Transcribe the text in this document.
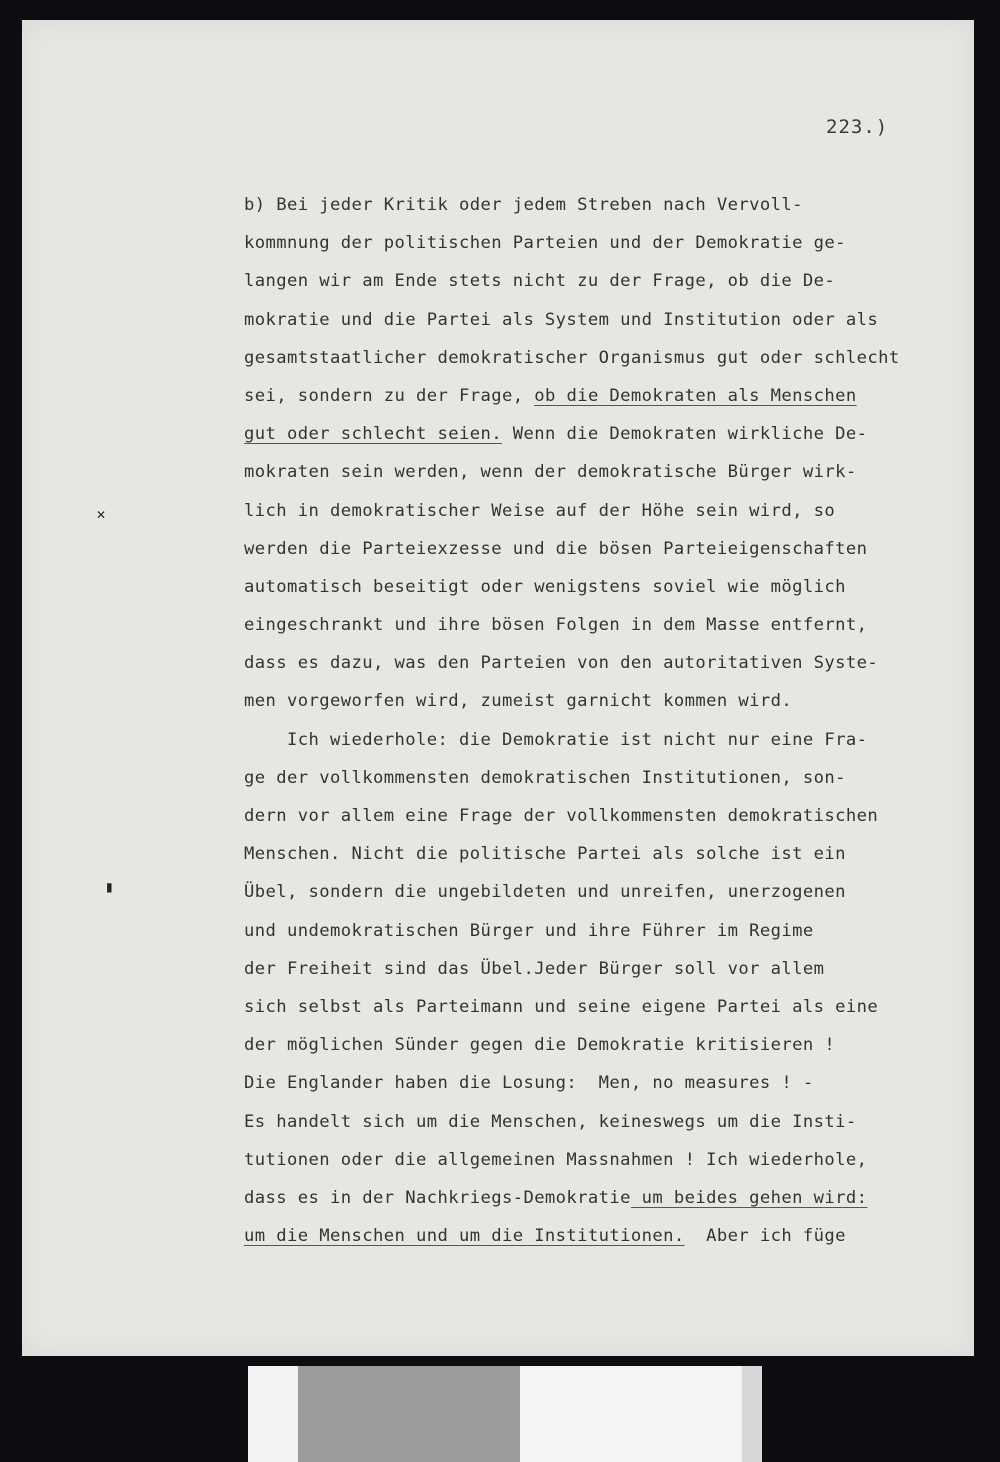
223.)
✕
▮
b) Bei jeder Kritik oder jedem Streben nach Vervoll-
kommnung der politischen Parteien und der Demokratie ge-
langen wir am Ende stets nicht zu der Frage, ob die De-
mokratie und die Partei als System und Institution oder als
gesamtstaatlicher demokratischer Organismus gut oder schlecht
sei, sondern zu der Frage, ob die Demokraten als Menschen
gut oder schlecht seien. Wenn die Demokraten wirkliche De-
mokraten sein werden, wenn der demokratische Bürger wirk-
lich in demokratischer Weise auf der Höhe sein wird, so
werden die Parteiexzesse und die bösen Parteieigenschaften
automatisch beseitigt oder wenigstens soviel wie möglich
eingeschrankt und ihre bösen Folgen in dem Masse entfernt,
dass es dazu, was den Parteien von den autoritativen Syste-
men vorgeworfen wird, zumeist garnicht kommen wird.
Ich wiederhole: die Demokratie ist nicht nur eine Fra-
ge der vollkommensten demokratischen Institutionen, son-
dern vor allem eine Frage der vollkommensten demokratischen
Menschen. Nicht die politische Partei als solche ist ein
Übel, sondern die ungebildeten und unreifen, unerzogenen
und undemokratischen Bürger und ihre Führer im Regime
der Freiheit sind das Übel.Jeder Bürger soll vor allem
sich selbst als Parteimann und seine eigene Partei als eine
der möglichen Sünder gegen die Demokratie kritisieren !
Die Englander haben die Losung:  Men, no measures ! -
Es handelt sich um die Menschen, keineswegs um die Insti-
tutionen oder die allgemeinen Massnahmen ! Ich wiederhole,
dass es in der Nachkriegs-Demokratie um beides gehen wird:
um die Menschen und um die Institutionen.  Aber ich füge
